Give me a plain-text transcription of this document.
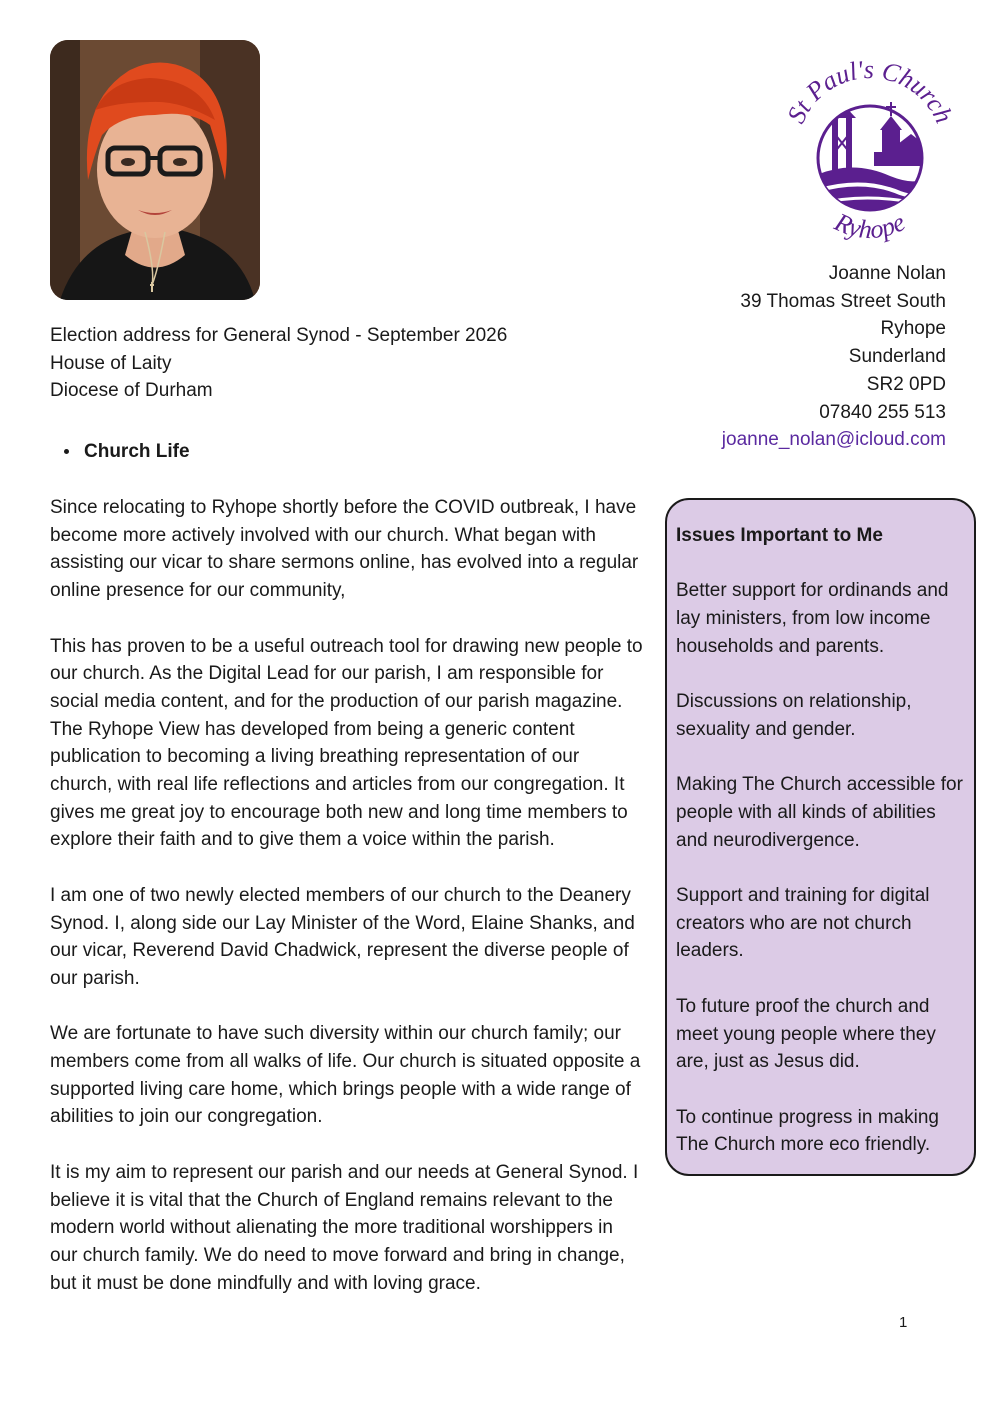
St Paul's Church
Ryhope
Joanne Nolan
39 Thomas Street South
Ryhope
Sunderland
SR2 0PD
07840 255 513
joanne_nolan@icloud.com
Election address for General Synod - September 2026
House of Laity
Diocese of Durham
Church Life

Since relocating to Ryhope shortly before the COVID outbreak, I have become more actively involved with our church. What began with assisting our vicar to share sermons online, has evolved into a regular online presence for our community,

This has proven to be a useful outreach tool for drawing new people to our church. As the Digital Lead for our parish, I am responsible for social media content, and for the production of our parish magazine. The Ryhope View has developed from being a generic content publication to becoming a living breathing representation of our church, with real life reflections and articles from our congregation. It gives me great joy to encourage both new and long time members to explore their faith and to give them a voice within the parish.

I am one of two newly elected members of our church to the Deanery Synod. I, along side our Lay Minister of the Word, Elaine Shanks, and our vicar, Reverend David Chadwick, represent the diverse people of our parish.

We are fortunate to have such diversity within our church family; our members come from all walks of life. Our church is situated opposite a supported living care home, which brings people with a wide range of abilities to join our congregation.

It is my aim to represent our parish and our needs at General Synod. I believe it is vital that the Church of England remains relevant to the modern world without alienating the more traditional worshippers in our church family. We do need to move forward and bring in change, but it must be done mindfully and with loving grace.

Issues Important to Me

Better support for ordinands and lay ministers, from low income households and parents.

Discussions on relationship, sexuality and gender.

Making The Church accessible for people with all kinds of abilities and neurodivergence.

Support and training for digital creators who are not church leaders.

To future proof the church and meet young people where they are, just as Jesus did.

To continue progress in making The Church more eco friendly.

1
